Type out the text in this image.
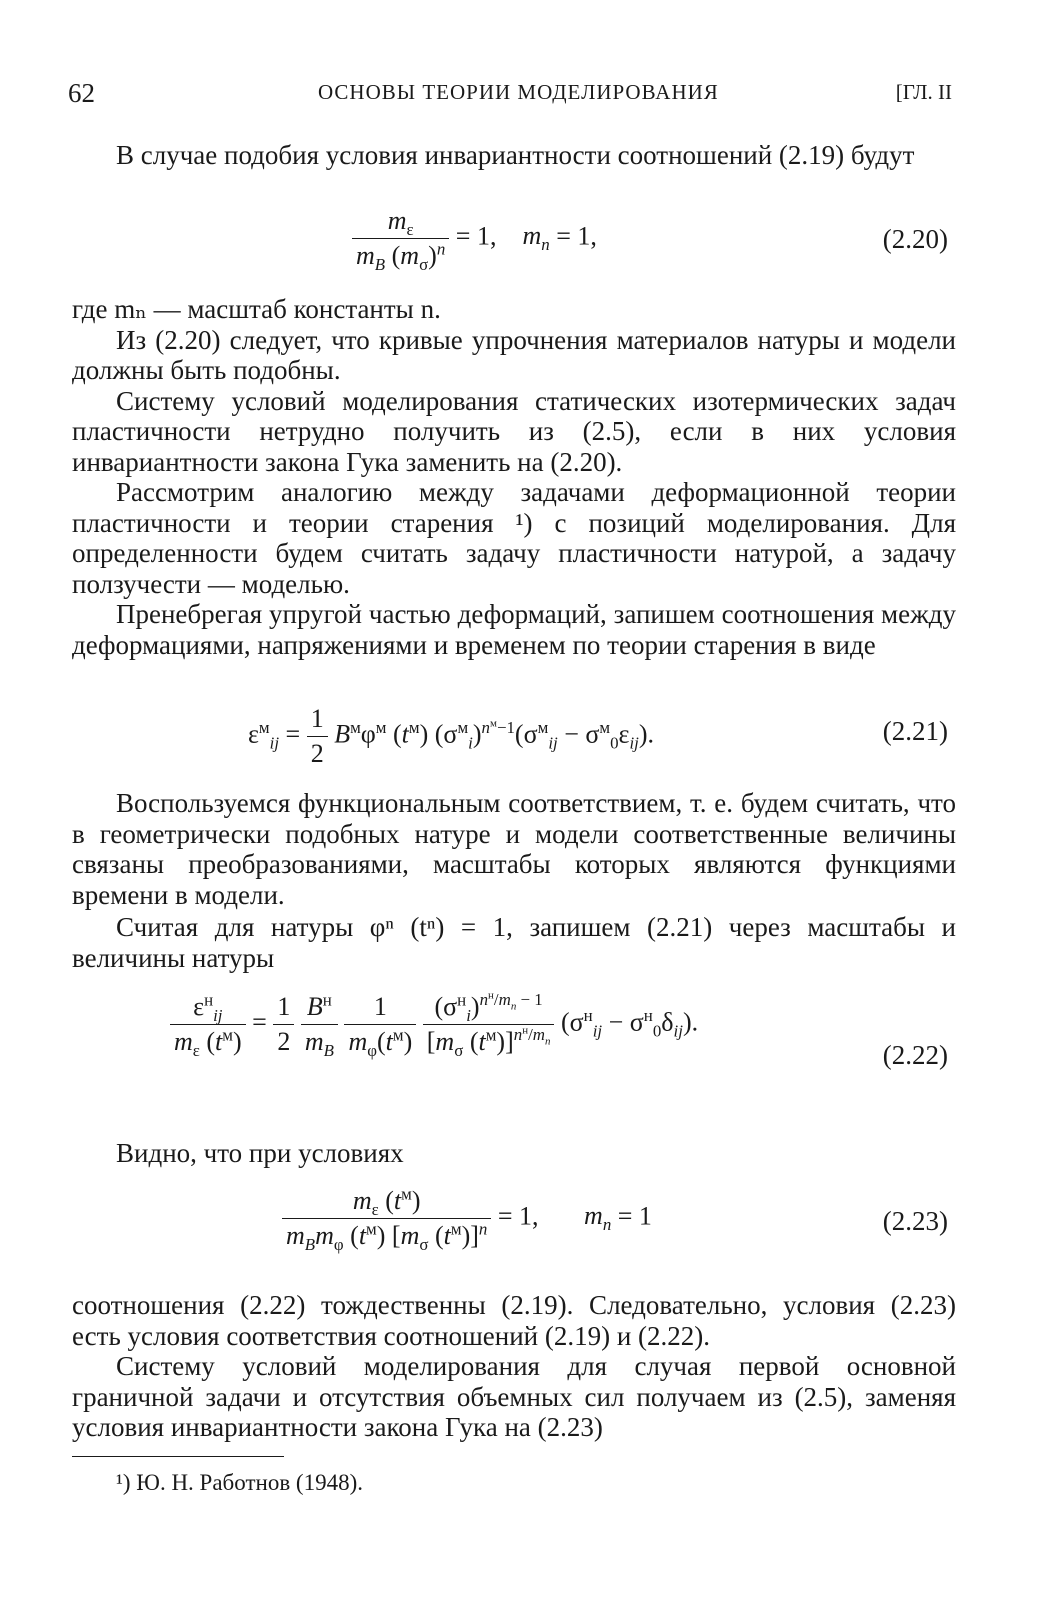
62	ОСНОВЫ ТЕОРИИ МОДЕЛИРОВАНИЯ	[ГЛ. II

В случае подобия условия инвариантности соотношений (2.19) будут

$\frac{m_\varepsilon}{m_B (m_\sigma)^n} = 1$,    $m_n = 1$,	(2.20)

где mₙ — масштаб константы n.

Из (2.20) следует, что кривые упрочнения материалов натуры и модели должны быть подобны.

Систему условий моделирования статических изотермических задач пластичности нетрудно получить из (2.5), если в них условия инвариантности закона Гука заменить на (2.20).

Рассмотрим аналогию между задачами деформационной теории пластичности и теории старения ¹) с позиций моделирования. Для определенности будем считать задачу пластичности натурой, а задачу ползучести — моделью.

Пренебрегая упругой частью деформаций, запишем соотношения между деформациями, напряжениями и временем по теории старения в виде

$\varepsilon^м_{ij} = \frac{1}{2} B^м\varphi^м$ $(t^м) (\sigma^м_i)^{n^м-1}(\sigma^м_{ij} - \sigma^м_0\varepsilon_{ij})$.	(2.21)

Воспользуемся функциональным соответствием, т. е. будем считать, что в геометрически подобных натуре и модели соответственные величины связаны преобразованиями, масштабы которых являются функциями времени в модели.

Считая для натуры φⁿ (tⁿ) = 1, запишем (2.21) через масштабы и величины натуры

$\frac{\varepsilon^н_{ij}}{m_\varepsilon (t^м)} = \frac{1}{2}$
$\frac{B^н}{m_B}$
$\frac{1}{m_\varphi(t^м)}$
$\frac{(\sigma^н_i)^{n^н/m_n - 1}}{[m_\sigma (t^м)]^{n^н/m_n}} (\sigma^н_{ij} - \sigma^н_0\delta_{ij})$.
(2.22)

Видно, что при условиях

$\frac{m_\varepsilon (t^м)}{m_Bm_\varphi (t^м) [m_\sigma (t^м)]^n} = 1$,       $m_n = 1$	(2.23)

соотношения (2.22) тождественны (2.19). Следовательно, условия (2.23) есть условия соответствия соотношений (2.19) и (2.22).

Систему условий моделирования для случая первой основной граничной задачи и отсутствия объемных сил получаем из (2.5), заменяя условия инвариантности закона Гука на (2.23)

¹) Ю. Н. Работнов (1948).
